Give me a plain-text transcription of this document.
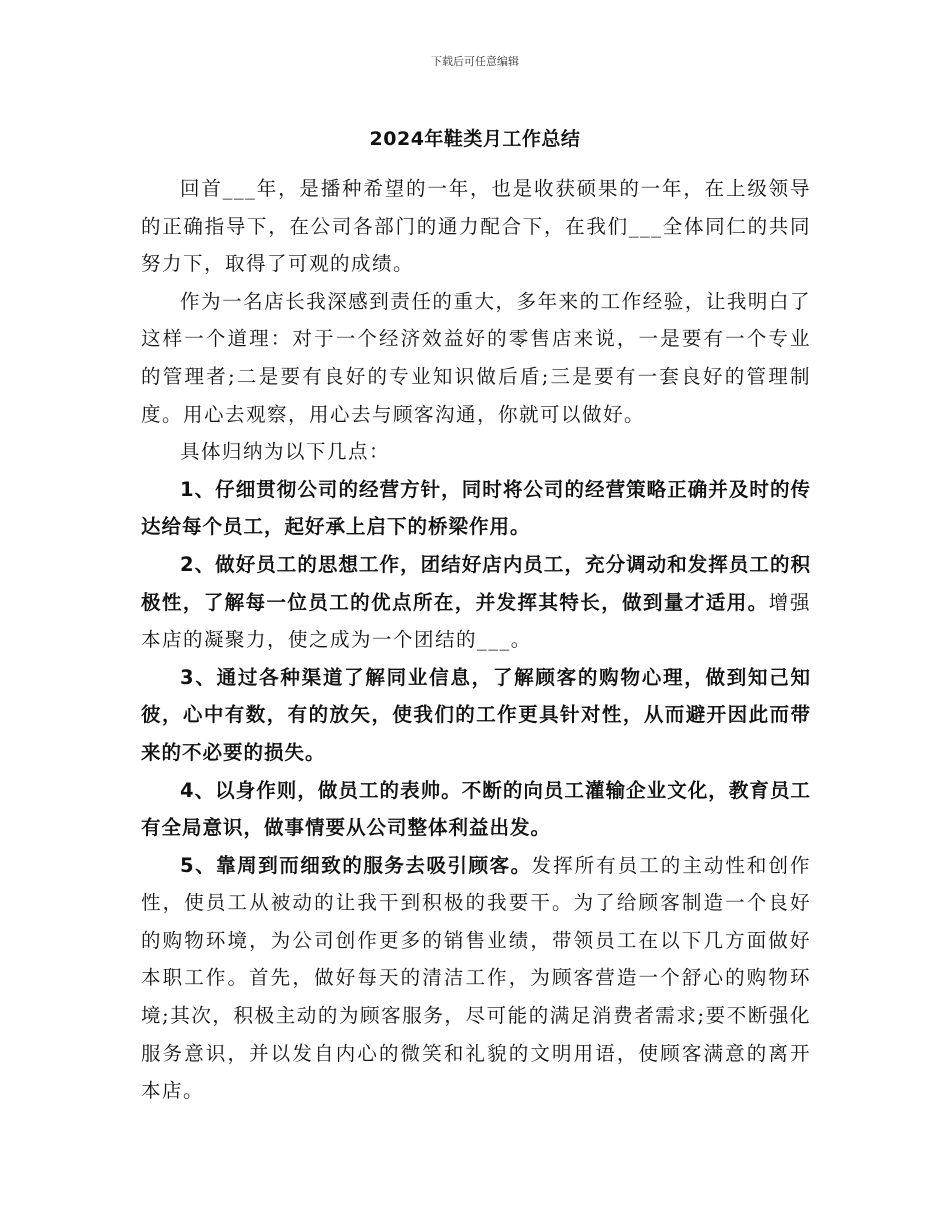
下载后可任意编辑
2024年鞋类月工作总结

回首___年，是播种希望的一年，也是收获硕果的一年，在上级领导的正确指导下，在公司各部门的通力配合下，在我们___全体同仁的共同努力下，取得了可观的成绩。

作为一名店长我深感到责任的重大，多年来的工作经验，让我明白了这样一个道理：对于一个经济效益好的零售店来说，一是要有一个专业的管理者;二是要有良好的专业知识做后盾;三是要有一套良好的管理制度。用心去观察，用心去与顾客沟通，你就可以做好。

具体归纳为以下几点：

1、仔细贯彻公司的经营方针，同时将公司的经营策略正确并及时的传达给每个员工，起好承上启下的桥梁作用。

2、做好员工的思想工作，团结好店内员工，充分调动和发挥员工的积极性，了解每一位员工的优点所在，并发挥其特长，做到量才适用。增强本店的凝聚力，使之成为一个团结的___。

3、通过各种渠道了解同业信息，了解顾客的购物心理，做到知己知彼，心中有数，有的放矢，使我们的工作更具针对性，从而避开因此而带来的不必要的损失。

4、以身作则，做员工的表帅。不断的向员工灌输企业文化，教育员工有全局意识，做事情要从公司整体利益出发。

5、靠周到而细致的服务去吸引顾客。发挥所有员工的主动性和创作性，使员工从被动的让我干到积极的我要干。为了给顾客制造一个良好的购物环境，为公司创作更多的销售业绩，带领员工在以下几方面做好本职工作。首先，做好每天的清洁工作，为顾客营造一个舒心的购物环境;其次，积极主动的为顾客服务，尽可能的满足消费者需求;要不断强化服务意识，并以发自内心的微笑和礼貌的文明用语，使顾客满意的离开本店。
